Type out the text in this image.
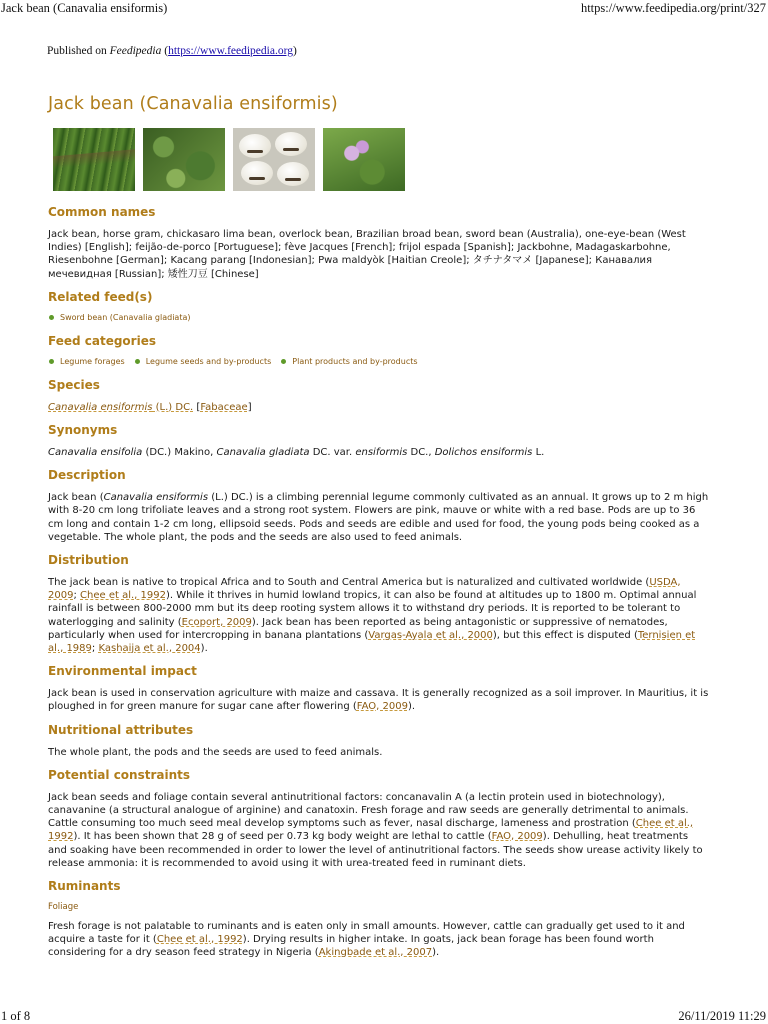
Jack bean (Canavalia ensiformis)	https://www.feedipedia.org/print/327
Published on Feedipedia (https://www.feedipedia.org)
Jack bean (Canavalia ensiformis)
Common names

Jack bean, horse gram, chickasaro lima bean, overlock bean, Brazilian broad bean, sword bean (Australia), one-eye-bean (West Indies) [English]; feijão-de-porco [Portuguese]; fève Jacques [French]; frijol espada [Spanish]; Jackbohne, Madagaskarbohne, Riesenbohne [German]; Kacang parang [Indonesian]; Pwa maldyòk [Haitian Creole]; タチナタマメ [Japanese]; Канавалия мечевидная [Russian]; 矮性刀豆 [Chinese]

Related feed(s)
Sword bean (Canavalia gladiata)
Feed categories
Legume forages	Legume seeds and by-products	Plant products and by-products
Species

Canavalia ensiformis (L.) DC. [Fabaceae]

Synonyms

Canavalia ensifolia (DC.) Makino, Canavalia gladiata DC. var. ensiformis DC., Dolichos ensiformis L.

Description

Jack bean (Canavalia ensiformis (L.) DC.) is a climbing perennial legume commonly cultivated as an annual. It grows up to 2 m high with 8-20 cm long trifoliate leaves and a strong root system. Flowers are pink, mauve or white with a red base. Pods are up to 36 cm long and contain 1-2 cm long, ellipsoid seeds. Pods and seeds are edible and used for food, the young pods being cooked as a vegetable. The whole plant, the pods and the seeds are also used to feed animals.

Distribution

The jack bean is native to tropical Africa and to South and Central America but is naturalized and cultivated worldwide (USDA, 2009; Chee et al., 1992). While it thrives in humid lowland tropics, it can also be found at altitudes up to 1800 m. Optimal annual rainfall is between 800-2000 mm but its deep rooting system allows it to withstand dry periods. It is reported to be tolerant to waterlogging and salinity (Ecoport, 2009). Jack bean has been reported as being antagonistic or suppressive of nematodes, particularly when used for intercropping in banana plantations (Vargas-Ayala et al., 2000), but this effect is disputed (Ternisien et al., 1989; Kashaija et al., 2004).

Environmental impact

Jack bean is used in conservation agriculture with maize and cassava. It is generally recognized as a soil improver. In Mauritius, it is ploughed in for green manure for sugar cane after flowering (FAO, 2009).

Nutritional attributes

The whole plant, the pods and the seeds are used to feed animals.

Potential constraints

Jack bean seeds and foliage contain several antinutritional factors: concanavalin A (a lectin protein used in biotechnology), canavanine (a structural analogue of arginine) and canatoxin. Fresh forage and raw seeds are generally detrimental to animals. Cattle consuming too much seed meal develop symptoms such as fever, nasal discharge, lameness and prostration (Chee et al., 1992). It has been shown that 28 g of seed per 0.73 kg body weight are lethal to cattle (FAO, 2009). Dehulling, heat treatments and soaking have been recommended in order to lower the level of antinutritional factors. The seeds show urease activity likely to release ammonia: it is recommended to avoid using it with urea-treated feed in ruminant diets.

Ruminants
Foliage

Fresh forage is not palatable to ruminants and is eaten only in small amounts. However, cattle can gradually get used to it and acquire a taste for it (Chee et al., 1992). Drying results in higher intake. In goats, jack bean forage has been found worth considering for a dry season feed strategy in Nigeria (Akingbade et al., 2007).

1 of 8	26/11/2019 11:29
